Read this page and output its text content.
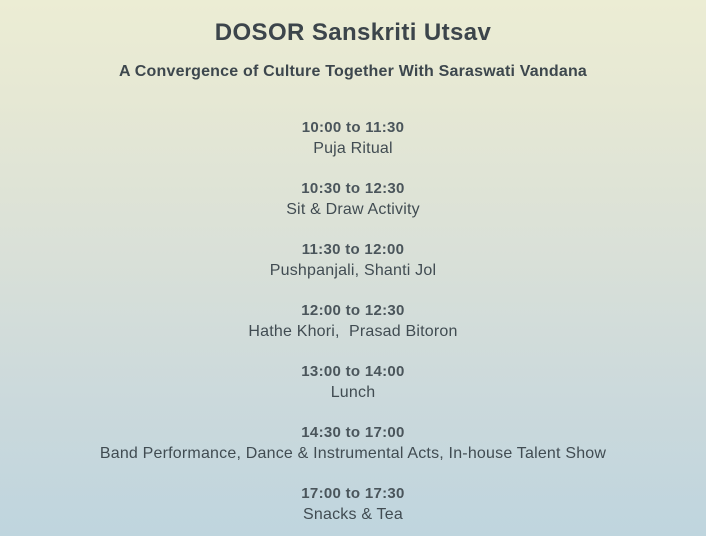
DOSOR Sanskriti Utsav

A Convergence of Culture Together With Saraswati Vandana

10:00 to 11:30
Puja Ritual
10:30 to 12:30
Sit & Draw Activity
11:30 to 12:00
Pushpanjali, Shanti Jol
12:00 to 12:30
Hathe Khori,  Prasad Bitoron
13:00 to 14:00
Lunch
14:30 to 17:00
Band Performance, Dance & Instrumental Acts, In-house Talent Show
17:00 to 17:30
Snacks & Tea
